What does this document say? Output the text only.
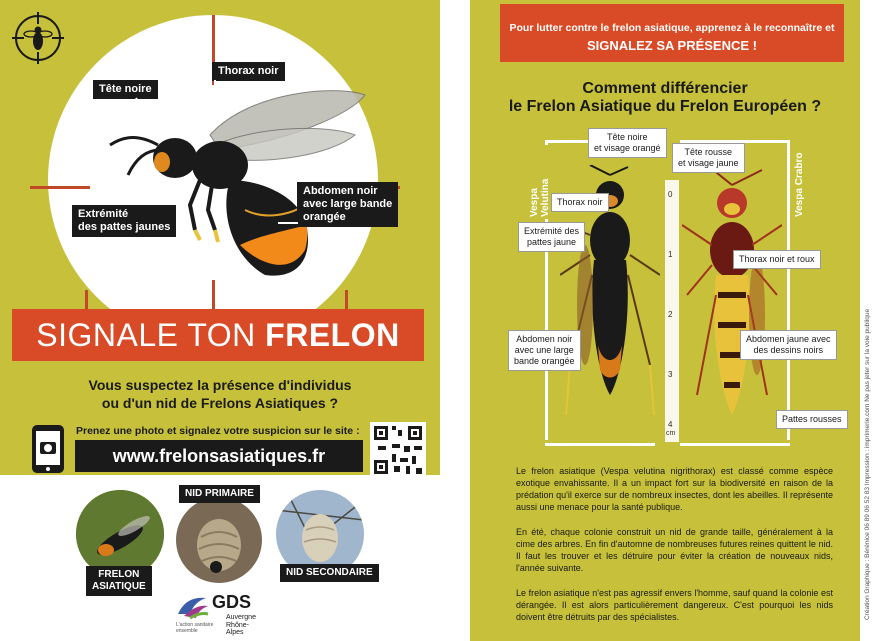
Tête noire
Thorax noir
Extrémité
des pattes jaunes
Abdomen noir
avec large bande
orangée
SIGNALE TON FRELON
Vous suspectez la présence d'individus
ou d'un nid de Frelons Asiatiques ?
Prenez une photo et signalez votre suspicion sur le site :
www.frelonsasiatiques.fr
FRELON
ASIATIQUE
NID PRIMAIRE
NID SECONDAIRE
GDS
Auvergne
Rhône-Alpes
L'action sanitaire ensemble
Pour lutter contre le frelon asiatique, apprenez à le reconnaître et
SIGNALEZ SA PRÉSENCE !
Comment différencier
le Frelon Asiatique du Frelon Européen ?
Vespa Velutina	Vespa Crabro
0
1
2
3
4
cm
Tête noire
et visage orangé	Tête rousse
et visage jaune
Thorax noir
Extrémité des
pattes jaune
Thorax noir et roux
Abdomen noir
avec une large
bande orangée
Abdomen jaune avec
des dessins noirs
Pattes rousses
Le frelon asiatique (Vespa velutina nigrithorax) est classé comme espèce exotique envahissante. Il a un impact fort sur la biodiversité en raison de la prédation qu'il exerce sur de nombreux insectes, dont les abeilles. Il représente aussi une menace pour la santé publique.
En été, chaque colonie construit un nid de grande taille, généralement à la cime des arbres. En fin d'automne de nombreuses futures reines quittent le nid. Il faut les trouver et les détruire pour éviter la création de nouveaux nids, l'année suivante.
Le frelon asiatique n'est pas agressif envers l'homme, sauf quand la colonie est dérangée. Il est alors particulièrement dangereux. C'est pourquoi les nids doivent être détruits par des spécialistes.	Création Graphique : Bérénice 06 89 06 52 83 Impression : imprimerie.com Ne pas jeter sur la voie publique
